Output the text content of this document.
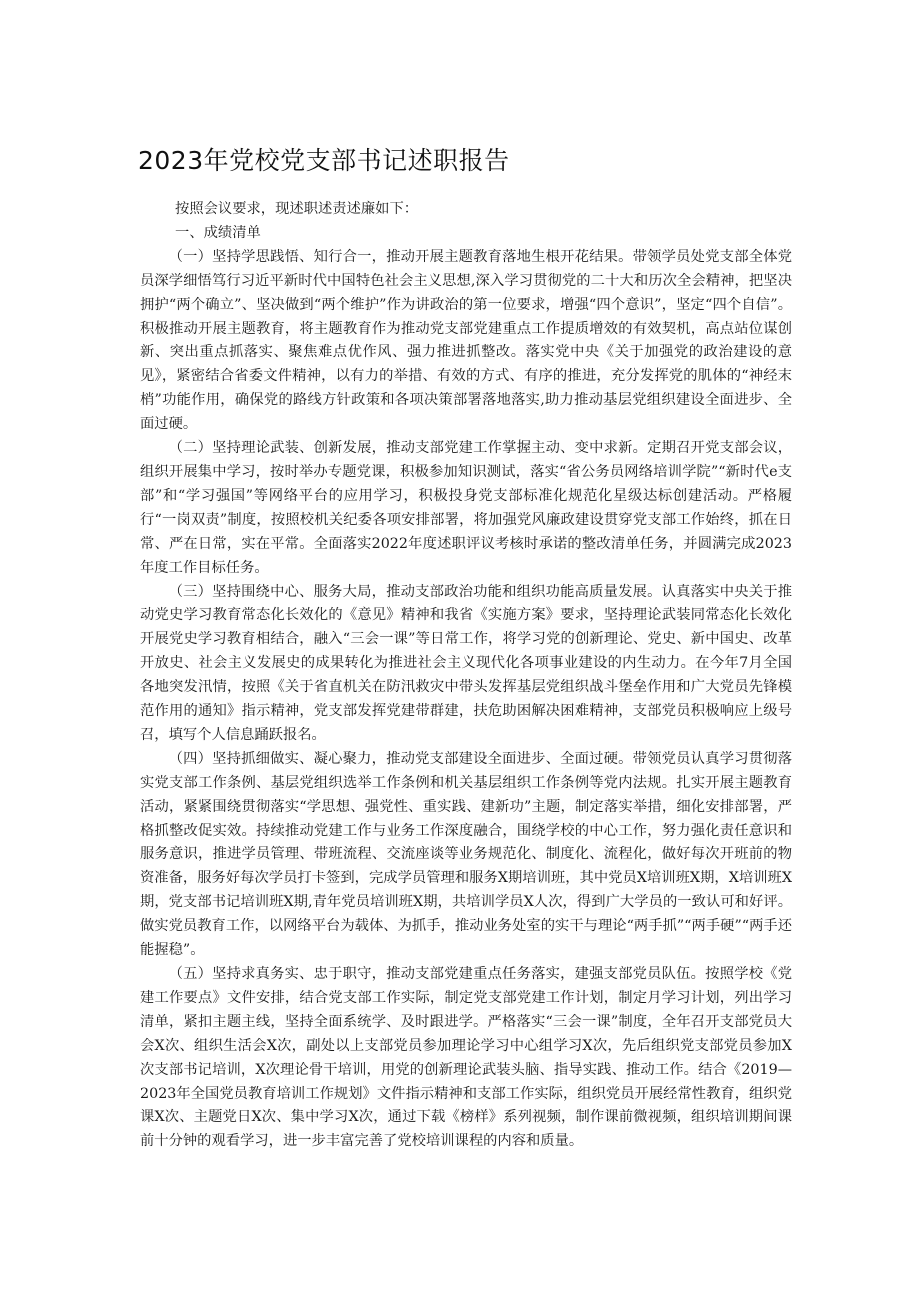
2023年党校党支部书记述职报告

按照会议要求，现述职述责述廉如下：

一、成绩清单

（一）坚持学思践悟、知行合一，推动开展主题教育落地生根开花结果。带领学员处党支部全体党员深学细悟笃行习近平新时代中国特色社会主义思想,深入学习贯彻党的二十大和历次全会精神，把坚决拥护“两个确立”、坚决做到“两个维护”作为讲政治的第一位要求，增强“四个意识”，坚定“四个自信”。积极推动开展主题教育，将主题教育作为推动党支部党建重点工作提质增效的有效契机，高点站位谋创新、突出重点抓落实、聚焦难点优作风、强力推进抓整改。落实党中央《关于加强党的政治建设的意见》，紧密结合省委文件精神，以有力的举措、有效的方式、有序的推进，充分发挥党的肌体的“神经末梢”功能作用，确保党的路线方针政策和各项决策部署落地落实,助力推动基层党组织建设全面进步、全面过硬。

（二）坚持理论武装、创新发展，推动支部党建工作掌握主动、变中求新。定期召开党支部会议，组织开展集中学习，按时举办专题党课，积极参加知识测试，落实“省公务员网络培训学院”“新时代e支部”和“学习强国”等网络平台的应用学习，积极投身党支部标准化规范化星级达标创建活动。严格履行“一岗双责”制度，按照校机关纪委各项安排部署，将加强党风廉政建设贯穿党支部工作始终，抓在日常、严在日常，实在平常。全面落实2022年度述职评议考核时承诺的整改清单任务，并圆满完成2023年度工作目标任务。

（三）坚持围绕中心、服务大局，推动支部政治功能和组织功能高质量发展。认真落实中央关于推动党史学习教育常态化长效化的《意见》精神和我省《实施方案》要求，坚持理论武装同常态化长效化开展党史学习教育相结合，融入“三会一课”等日常工作，将学习党的创新理论、党史、新中国史、改革开放史、社会主义发展史的成果转化为推进社会主义现代化各项事业建设的内生动力。在今年7月全国各地突发汛情，按照《关于省直机关在防汛救灾中带头发挥基层党组织战斗堡垒作用和广大党员先锋模范作用的通知》指示精神，党支部发挥党建带群建，扶危助困解决困难精神，支部党员积极响应上级号召，填写个人信息踊跃报名。

（四）坚持抓细做实、凝心聚力，推动党支部建设全面进步、全面过硬。带领党员认真学习贯彻落实党支部工作条例、基层党组织选举工作条例和机关基层组织工作条例等党内法规。扎实开展主题教育活动，紧紧围绕贯彻落实“学思想、强党性、重实践、建新功”主题，制定落实举措，细化安排部署，严格抓整改促实效。持续推动党建工作与业务工作深度融合，围绕学校的中心工作，努力强化责任意识和服务意识，推进学员管理、带班流程、交流座谈等业务规范化、制度化、流程化，做好每次开班前的物资准备，服务好每次学员打卡签到，完成学员管理和服务X期培训班，其中党员X培训班X期，X培训班X期，党支部书记培训班X期,青年党员培训班X期，共培训学员X人次，得到广大学员的一致认可和好评。做实党员教育工作，以网络平台为载体、为抓手，推动业务处室的实干与理论“两手抓”“两手硬”“两手还能握稳”。

（五）坚持求真务实、忠于职守，推动支部党建重点任务落实，建强支部党员队伍。按照学校《党建工作要点》文件安排，结合党支部工作实际，制定党支部党建工作计划，制定月学习计划，列出学习清单，紧扣主题主线，坚持全面系统学、及时跟进学。严格落实“三会一课”制度，全年召开支部党员大会X次、组织生活会X次，副处以上支部党员参加理论学习中心组学习X次，先后组织党支部党员参加X次支部书记培训，X次理论骨干培训，用党的创新理论武装头脑、指导实践、推动工作。结合《2019—2023年全国党员教育培训工作规划》文件指示精神和支部工作实际，组织党员开展经常性教育，组织党课X次、主题党日X次、集中学习X次，通过下载《榜样》系列视频，制作课前微视频，组织培训期间课前十分钟的观看学习，进一步丰富完善了党校培训课程的内容和质量。
